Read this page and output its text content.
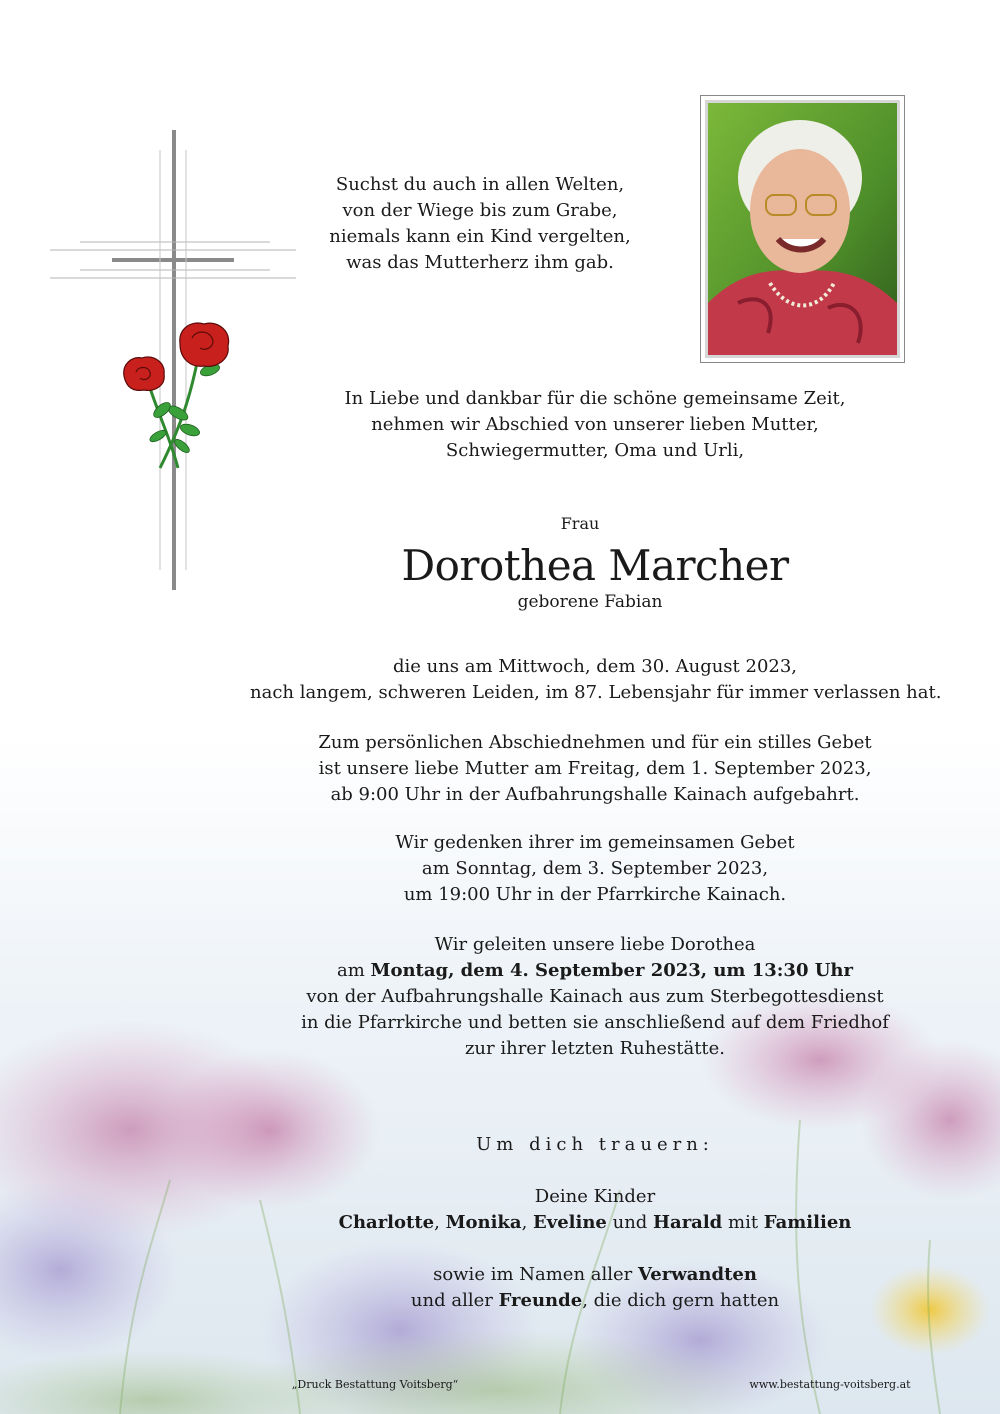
Suchst du auch in allen Welten,
von der Wiege bis zum Grabe,
niemals kann ein Kind vergelten,
was das Mutterherz ihm gab.
In Liebe und dankbar für die schöne gemeinsame Zeit,
nehmen wir Abschied von unserer lieben Mutter,
Schwiegermutter, Oma und Urli,
Frau
Dorothea Marcher
geborene Fabian
die uns am Mittwoch, dem 30. August 2023,
nach langem, schweren Leiden, im 87. Lebensjahr für immer verlassen hat.
Zum persönlichen Abschiednehmen und für ein stilles Gebet
ist unsere liebe Mutter am Freitag, dem 1. September 2023,
ab 9:00 Uhr in der Aufbahrungshalle Kainach aufgebahrt.
Wir gedenken ihrer im gemeinsamen Gebet
am Sonntag, dem 3. September 2023,
um 19:00 Uhr in der Pfarrkirche Kainach.
Wir geleiten unsere liebe Dorothea
am Montag, dem 4. September 2023, um 13:30 Uhr
von der Aufbahrungshalle Kainach aus zum Sterbegottesdienst
in die Pfarrkirche und betten sie anschließend auf dem Friedhof
zur ihrer letzten Ruhestätte.
Um dich trauern:
Deine Kinder
Charlotte, Monika, Eveline und Harald mit Familien
sowie im Namen aller Verwandten
und aller Freunde, die dich gern hatten
„Druck Bestattung Voitsberg“	www.bestattung-voitsberg.at
